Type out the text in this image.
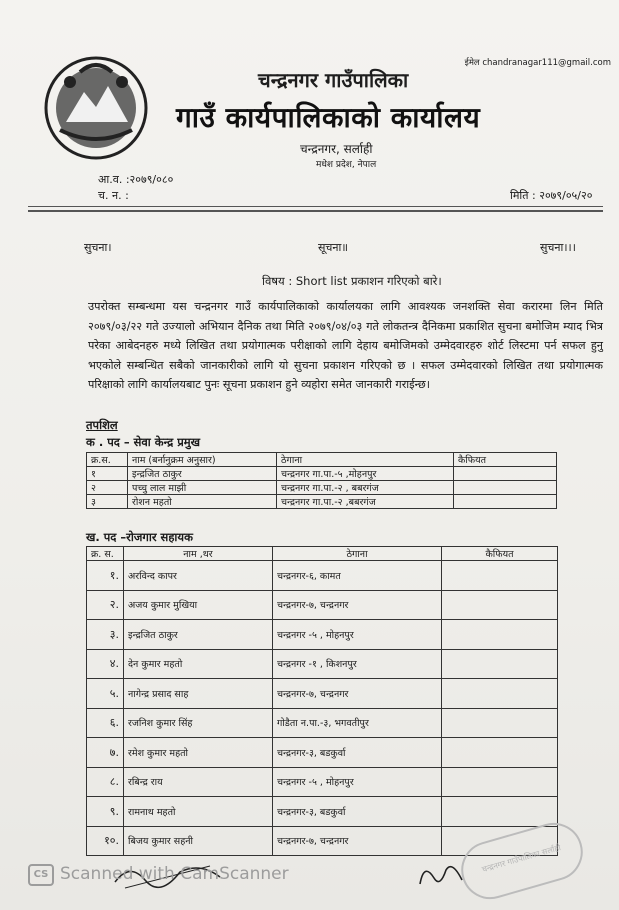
ईमेल chandranagar111@gmail.com
चन्द्रनगर गाउँपालिका
गाउँ कार्यपालिकाको कार्यालय
चन्द्रनगर, सर्लाही
मधेश प्रदेश, नेपाल
आ.व. :२०७९/०८०
च. न. :	मिति : २०७९/०५/२०
सुचना।	सूचना॥	सुचना।।।
विषय : Short list प्रकाशन गरिएको बारे।
उपरोक्त सम्बन्धमा यस चन्द्रनगर गाउँ कार्यपालिकाको कार्यालयका लागि आवश्यक जनशक्ति सेवा करारमा लिन मिति २०७९/०३/२२ गते उज्यालो अभियान दैनिक तथा मिति २०७९/०४/०३ गते लोकतन्त्र दैनिकमा प्रकाशित सुचना बमोजिम म्याद भित्र परेका आबेदनहरु मध्ये लिखित तथा प्रयोगात्मक परीक्षाको लागि देहाय बमोजिमको उम्मेदवारहरु शोर्ट लिस्टमा पर्न सफल हुनु भएकोले सम्बन्धित सबैको जानकारीको लागि यो सुचना प्रकाशन गरिएको छ । सफल उम्मेदवारको लिखित तथा प्रयोगात्मक परिक्षाको लागि कार्यालयबाट पुनः सूचना प्रकाशन हुने व्यहोरा समेत जानकारी गराईन्छ।
तपशिल
क . पद – सेवा केन्द्र प्रमुख
क्र.स.	नाम (बर्नानुक्रम अनुसार)	ठेगाना	कैफियत
१	इन्द्रजित ठाकुर	चन्द्रनगर गा.पा.-५ ,मोहनपुर	
२	पच्चु लाल माझी	चन्द्रनगर गा.पा.-२ , बबरगंज	
३	रोशन महतो	चन्द्रनगर गा.पा.-२ ,बबरगंज	
ख. पद –रोजगार सहायक
क्र. स.	नाम ,थर	ठेगाना	कैफियत
१.	अरविन्द कापर	चन्द्रनगर-६, कामत	
२.	अजय कुमार मुखिया	चन्द्रनगर-७, चन्द्रनगर	
३.	इन्द्रजित ठाकुर	चन्द्रनगर -५ , मोहनपुर	
४.	देन कुमार महतो	चन्द्रनगर -१ , किशनपुर	
५.	नागेन्द्र प्रसाद साह	चन्द्रनगर-७, चन्द्रनगर	
६.	रजनिश कुमार सिंह	गोडैता न.पा.-३, भगवतीपुर	
७.	रमेश कुमार महतो	चन्द्रनगर-३, बडकुर्वा	
८.	रबिन्द्र राय	चन्द्रनगर -५ , मोहनपुर	
९.	रामनाथ महतो	चन्द्रनगर-३, बडकुर्वा	
१०.	बिजय कुमार सहनी	चन्द्रनगर-७, चन्द्रनगर	
चन्द्रनगर गाउँपालिका सर्लाही
CS Scanned with CamScanner
